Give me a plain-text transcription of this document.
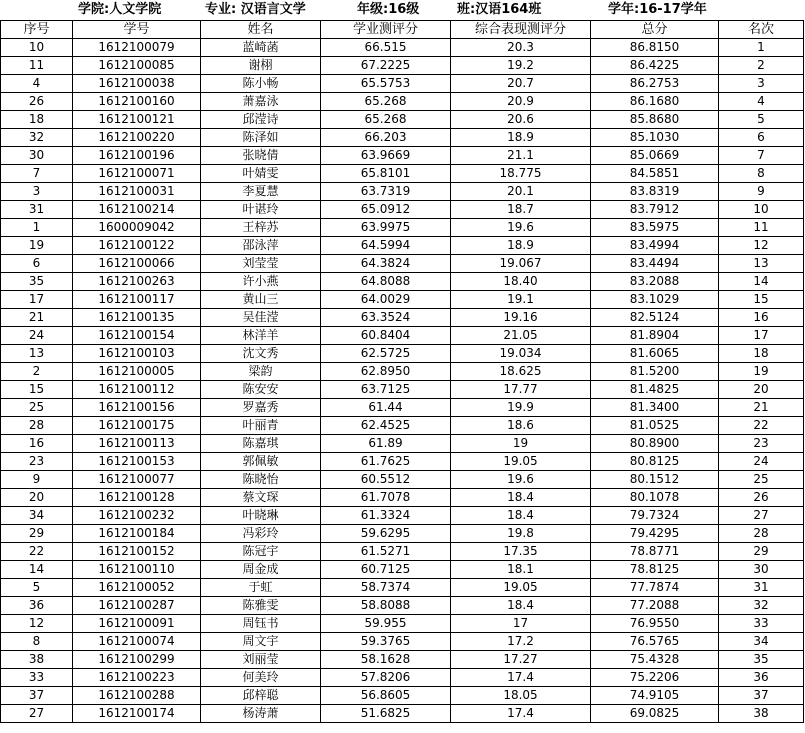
学院:人文学院	专业: 汉语言文学	年级:16级	班:汉语164班	学年:16-17学年
序号	学号	姓名	学业测评分	综合表现测评分	总分	名次
10	1612100079	蓝崎菡	66.515	20.3	86.8150	1
11	1612100085	谢栩	67.2225	19.2	86.4225	2
4	1612100038	陈小畅	65.5753	20.7	86.2753	3
26	1612100160	萧嘉泳	65.268	20.9	86.1680	4
18	1612100121	邱滢诗	65.268	20.6	85.8680	5
32	1612100220	陈泽如	66.203	18.9	85.1030	6
30	1612100196	张晓倩	63.9669	21.1	85.0669	7
7	1612100071	叶婧雯	65.8101	18.775	84.5851	8
3	1612100031	李夏慧	63.7319	20.1	83.8319	9
31	1612100214	叶谌玲	65.0912	18.7	83.7912	10
1	1600009042	王梓苏	63.9975	19.6	83.5975	11
19	1612100122	邵泳萍	64.5994	18.9	83.4994	12
6	1612100066	刘莹莹	64.3824	19.067	83.4494	13
35	1612100263	许小燕	64.8088	18.40	83.2088	14
17	1612100117	黄山三	64.0029	19.1	83.1029	15
21	1612100135	吴佳滢	63.3524	19.16	82.5124	16
24	1612100154	林洋羊	60.8404	21.05	81.8904	17
13	1612100103	沈文秀	62.5725	19.034	81.6065	18
2	1612100005	梁韵	62.8950	18.625	81.5200	19
15	1612100112	陈安安	63.7125	17.77	81.4825	20
25	1612100156	罗嘉秀	61.44	19.9	81.3400	21
28	1612100175	叶丽青	62.4525	18.6	81.0525	22
16	1612100113	陈嘉琪	61.89	19	80.8900	23
23	1612100153	郭佩敏	61.7625	19.05	80.8125	24
9	1612100077	陈晓怡	60.5512	19.6	80.1512	25
20	1612100128	蔡文琛	61.7078	18.4	80.1078	26
34	1612100232	叶晓琳	61.3324	18.4	79.7324	27
29	1612100184	冯彩玲	59.6295	19.8	79.4295	28
22	1612100152	陈冠宇	61.5271	17.35	78.8771	29
14	1612100110	周金成	60.7125	18.1	78.8125	30
5	1612100052	于虹	58.7374	19.05	77.7874	31
36	1612100287	陈雅雯	58.8088	18.4	77.2088	32
12	1612100091	周钰书	59.955	17	76.9550	33
8	1612100074	周文宇	59.3765	17.2	76.5765	34
38	1612100299	刘丽莹	58.1628	17.27	75.4328	35
33	1612100223	何美玲	57.8206	17.4	75.2206	36
37	1612100288	邱梓聪	56.8605	18.05	74.9105	37
27	1612100174	杨涛萧	51.6825	17.4	69.0825	38
